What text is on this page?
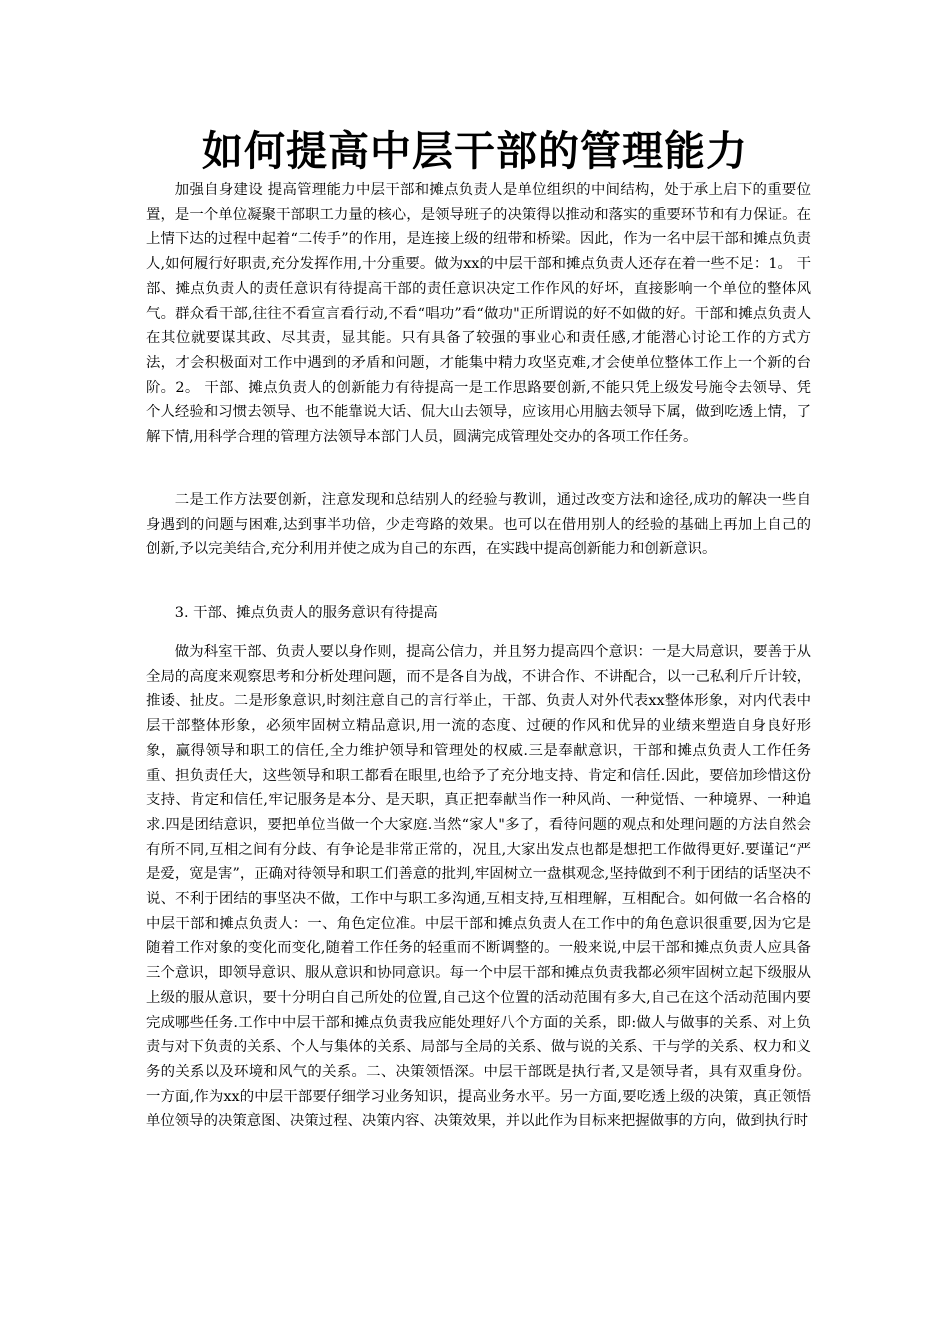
如何提高中层干部的管理能力

加强自身建设 提高管理能力中层干部和摊点负责人是单位组织的中间结构，处于承上启下的重要位置，是一个单位凝聚干部职工力量的核心，是领导班子的决策得以推动和落实的重要环节和有力保证。在上情下达的过程中起着“二传手”的作用，是连接上级的纽带和桥梁。因此，作为一名中层干部和摊点负责人,如何履行好职责,充分发挥作用,十分重要。做为xx的中层干部和摊点负责人还存在着一些不足：1。 干部、摊点负责人的责任意识有待提高干部的责任意识决定工作作风的好坏，直接影响一个单位的整体风气。群众看干部,往往不看宣言看行动,不看“唱功”看“做功"正所谓说的好不如做的好。干部和摊点负责人在其位就要谋其政、尽其责，显其能。只有具备了较强的事业心和责任感,才能潜心讨论工作的方式方法，才会积极面对工作中遇到的矛盾和问题，才能集中精力攻坚克难,才会使单位整体工作上一个新的台阶。2。 干部、摊点负责人的创新能力有待提高一是工作思路要创新,不能只凭上级发号施令去领导、凭个人经验和习惯去领导、也不能靠说大话、侃大山去领导，应该用心用脑去领导下属，做到吃透上情，了解下情,用科学合理的管理方法领导本部门人员，圆满完成管理处交办的各项工作任务。

二是工作方法要创新，注意发现和总结别人的经验与教训，通过改变方法和途径,成功的解决一些自身遇到的问题与困难,达到事半功倍，少走弯路的效果。也可以在借用别人的经验的基础上再加上自己的创新,予以完美结合,充分利用并使之成为自己的东西，在实践中提高创新能力和创新意识。

3. 干部、摊点负责人的服务意识有待提高

做为科室干部、负责人要以身作则，提高公信力，并且努力提高四个意识：一是大局意识，要善于从全局的高度来观察思考和分析处理问题，而不是各自为战，不讲合作、不讲配合，以一己私利斤斤计较，推诿、扯皮。二是形象意识,时刻注意自己的言行举止，干部、负责人对外代表xx整体形象，对内代表中层干部整体形象，必须牢固树立精品意识,用一流的态度、过硬的作风和优异的业绩来塑造自身良好形象，赢得领导和职工的信任,全力维护领导和管理处的权威.三是奉献意识，干部和摊点负责人工作任务重、担负责任大，这些领导和职工都看在眼里,也给予了充分地支持、肯定和信任.因此，要倍加珍惜这份支持、肯定和信任,牢记服务是本分、是天职，真正把奉献当作一种风尚、一种觉悟、一种境界、一种追求.四是团结意识，要把单位当做一个大家庭.当然“家人"多了，看待问题的观点和处理问题的方法自然会有所不同,互相之间有分歧、有争论是非常正常的，况且,大家出发点也都是想把工作做得更好.要谨记“严是爱，宽是害”，正确对待领导和职工们善意的批判,牢固树立一盘棋观念,坚持做到不利于团结的话坚决不说、不利于团结的事坚决不做，工作中与职工多沟通,互相支持,互相理解，互相配合。如何做一名合格的中层干部和摊点负责人：一、角色定位准。中层干部和摊点负责人在工作中的角色意识很重要,因为它是随着工作对象的变化而变化,随着工作任务的轻重而不断调整的。一般来说,中层干部和摊点负责人应具备三个意识，即领导意识、服从意识和协同意识。每一个中层干部和摊点负责我都必须牢固树立起下级服从上级的服从意识，要十分明白自己所处的位置,自己这个位置的活动范围有多大,自己在这个活动范围内要完成哪些任务.工作中中层干部和摊点负责我应能处理好八个方面的关系，即:做人与做事的关系、对上负责与对下负责的关系、个人与集体的关系、局部与全局的关系、做与说的关系、干与学的关系、权力和义务的关系以及环境和风气的关系。二、决策领悟深。中层干部既是执行者,又是领导者，具有双重身份。一方面,作为xx的中层干部要仔细学习业务知识，提高业务水平。另一方面,要吃透上级的决策，真正领悟单位领导的决策意图、决策过程、决策内容、决策效果，并以此作为目标来把握做事的方向，做到执行时
